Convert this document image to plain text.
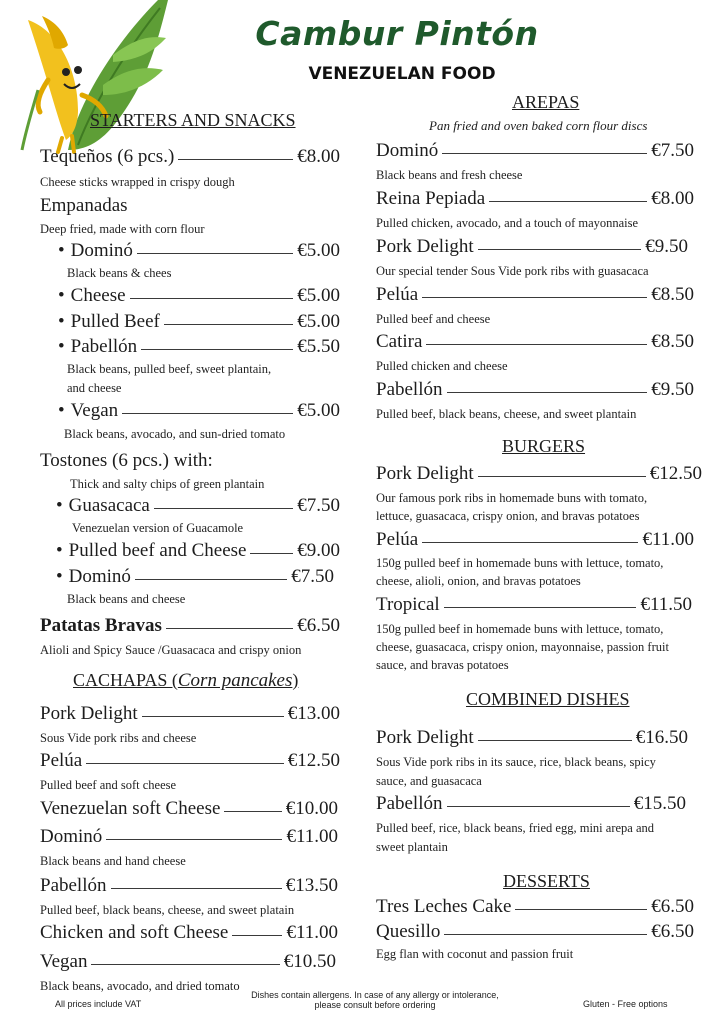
Cambur Pintón
VENEZUELAN FOOD
STARTERS AND SNACKS
Tequeños (6 pcs.)	€8.00
Cheese sticks wrapped in crispy dough
Empanadas
Deep fried, made with corn flour
• Dominó	€5.00
Black beans & chees
• Cheese	€5.00
• Pulled Beef	€5.00
• Pabellón	€5.50
Black beans, pulled beef, sweet plantain,
and cheese
• Vegan	€5.00
Black beans, avocado, and sun-dried tomato
Tostones (6 pcs.) with:
Thick and salty chips of green plantain
• Guasacaca	€7.50
Venezuelan version of Guacamole
• Pulled beef and Cheese	€9.00
• Dominó	€7.50
Black beans and cheese
Patatas Bravas	€6.50
Alioli and Spicy Sauce /Guasacaca and crispy onion
CACHAPAS (Corn pancakes)
Pork Delight	€13.00
Sous Vide pork ribs and cheese
Pelúa	€12.50
Pulled beef and soft cheese
Venezuelan soft Cheese	€10.00
Dominó	€11.00
Black beans and hand cheese
Pabellón	€13.50
Pulled beef, black beans, cheese, and sweet platain
Chicken and soft Cheese	€11.00
Vegan	€10.50
Black beans, avocado, and dried tomato
AREPAS
Pan fried and oven baked corn flour discs
Dominó	€7.50
Black beans and fresh cheese
Reina Pepiada	€8.00
Pulled chicken, avocado, and a touch of mayonnaise
Pork Delight	€9.50
Our special tender Sous Vide pork ribs with guasacaca
Pelúa	€8.50
Pulled beef and cheese
Catira	€8.50
Pulled chicken and cheese
Pabellón	€9.50
Pulled beef, black beans, cheese, and sweet plantain
BURGERS
Pork Delight	€12.50
Our famous pork ribs in homemade buns with tomato,
lettuce, guasacaca, crispy onion, and bravas potatoes
Pelúa	€11.00
150g pulled beef in homemade buns with lettuce, tomato,
cheese, alioli, onion, and bravas potatoes
Tropical	€11.50
150g pulled beef in homemade buns with lettuce, tomato,
cheese, guasacaca, crispy onion, mayonnaise, passion fruit
sauce, and bravas potatoes
COMBINED DISHES
Pork Delight	€16.50
Sous Vide pork ribs in its sauce, rice, black beans, spicy
sauce, and guasacaca
Pabellón	€15.50
Pulled beef, rice, black beans, fried egg, mini arepa and
sweet plantain
DESSERTS
Tres Leches Cake	€6.50
Quesillo	€6.50
Egg flan with coconut and passion fruit
All prices include VAT
Dishes contain allergens. In case of any allergy or intolerance,
please consult before ordering	Gluten - Free options
